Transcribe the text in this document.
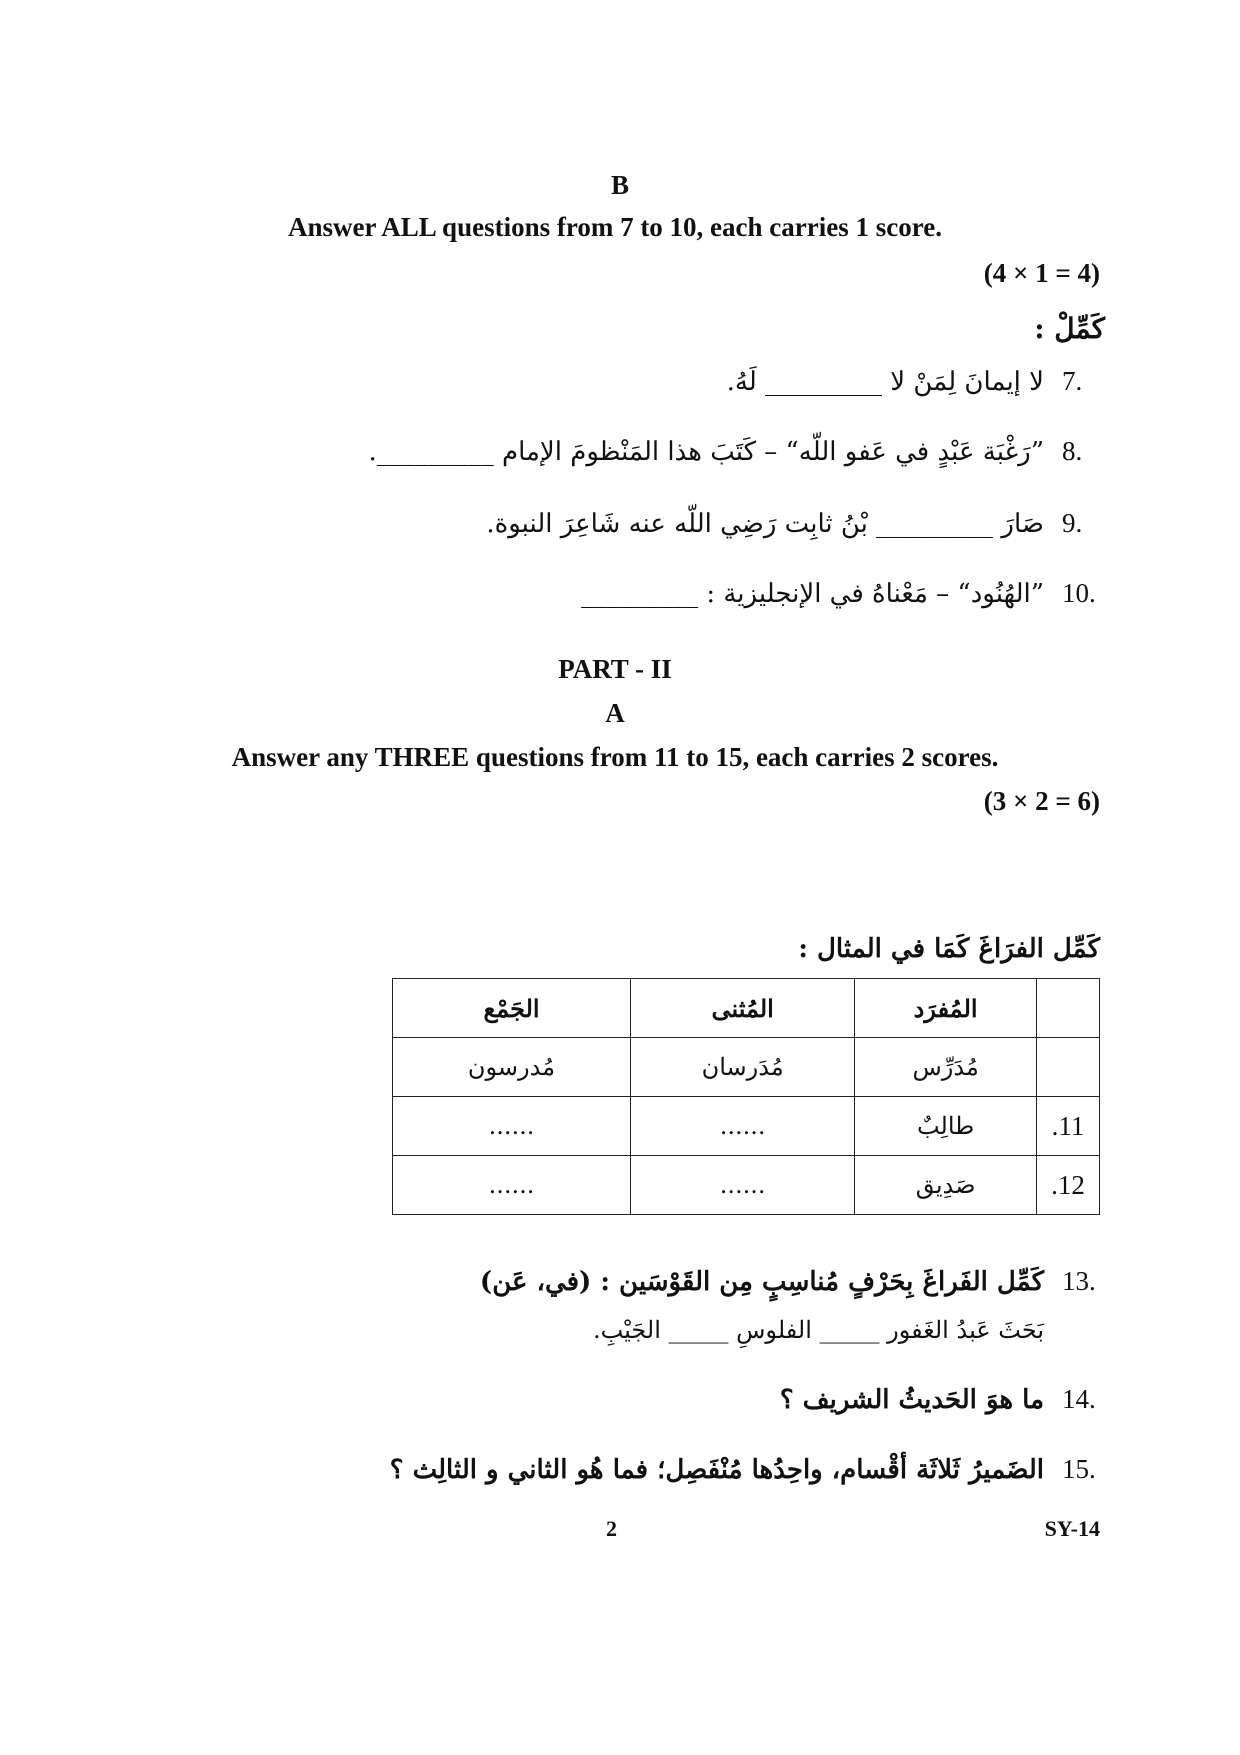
B
Answer ALL questions from 7 to 10, each carries 1 score.
(4 × 1 = 4)
كَمِّلْ :
7.
لا إيمانَ لِمَنْ لا _________ لَهُ.
8.
”رَغْبَة عَبْدٍ في عَفو اللّه“ – كَتَبَ هذا المَنْظومَ الإمام _________.
9.
صَارَ _________ بْنُ ثابِت رَضِي اللّه عنه شَاعِرَ النبوة.
10.
”الهُنُود“ – مَعْناهُ في الإنجليزية : _________
PART - II
A
Answer any THREE questions from 11 to 15, each carries 2 scores.
(3 × 2 = 6)
كَمِّل الفرَاغَ كَمَا في المثال :
	المُفرَد	المُثنى	الجَمْع
	مُدَرِّس	مُدَرسان	مُدرسون
.11	طالِبٌ	......	......
.12	صَدِيق	......	......
13.
كَمِّل الفَراغَ بِحَرْفٍ مُناسِبٍ مِن القَوْسَين : (في، عَن)
بَحَثَ عَبدُ الغَفور _____ الفلوسِ _____ الجَيْبِ.
14.
ما هوَ الحَديثُ الشريف ؟
15.
الضَميرُ ثَلاثَة أقْسام، واحِدُها مُنْفَصِل؛ فما هُو الثاني و الثالِث ؟
2	SY-14
